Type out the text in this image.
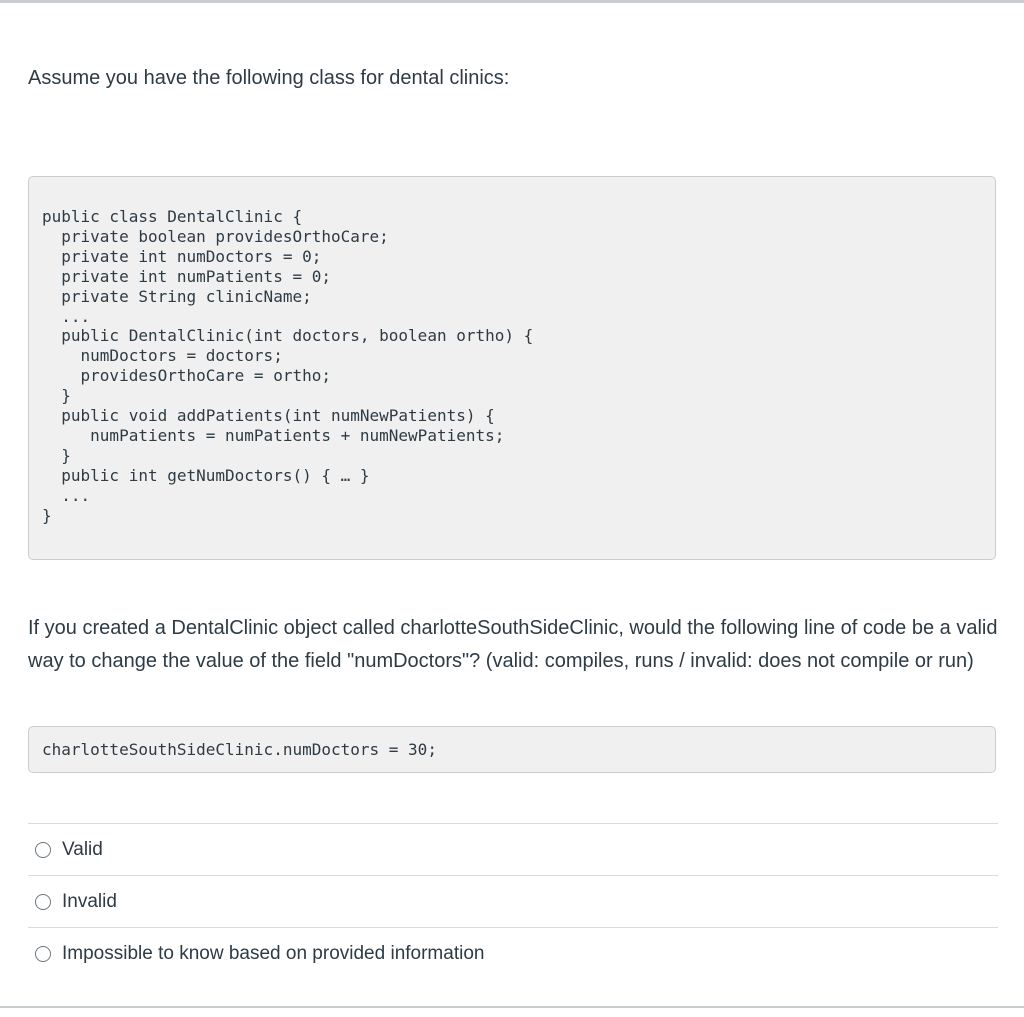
Assume you have the following class for dental clinics:

public class DentalClinic {
private boolean providesOrthoCare;
private int numDoctors = 0;
private int numPatients = 0;
private String clinicName;
...
public DentalClinic(int doctors, boolean ortho) {
numDoctors = doctors;
providesOrthoCare = ortho;
}
public void addPatients(int numNewPatients) {
numPatients = numPatients + numNewPatients;
}
public int getNumDoctors() { … }
...
}

If you created a DentalClinic object called charlotteSouthSideClinic, would the following line of code be a valid way to change the value of the field "numDoctors"? (valid: compiles, runs / invalid: does not compile or run)

charlotteSouthSideClinic.numDoctors = 30;
Valid
Invalid
Impossible to know based on provided information
